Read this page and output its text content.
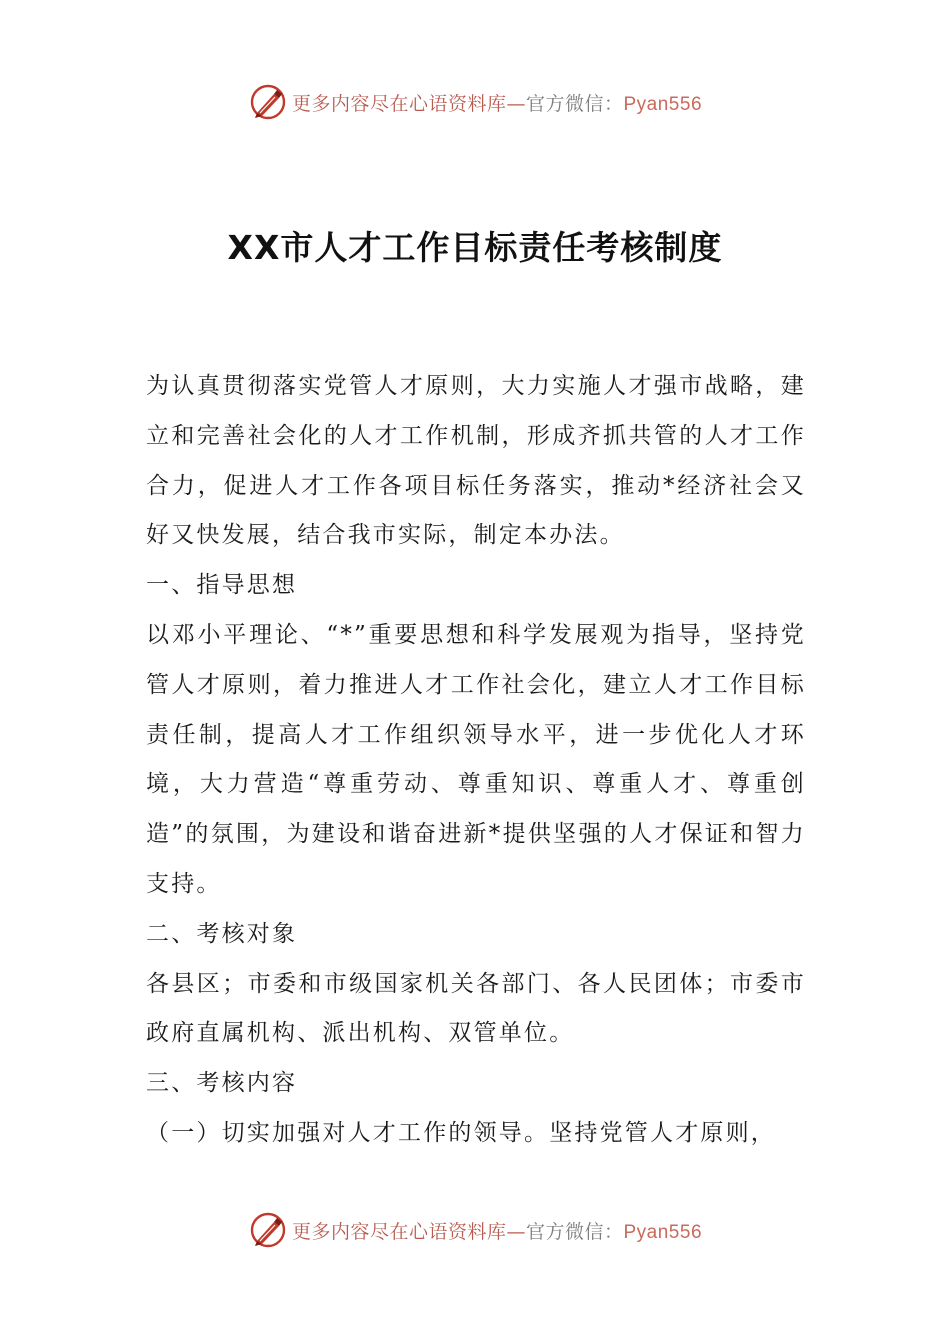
更多内容尽在心语资料库—官方微信：Pyan556
XX市人才工作目标责任考核制度

为认真贯彻落实党管人才原则，大力实施人才强市战略，建立和完善社会化的人才工作机制，形成齐抓共管的人才工作合力，促进人才工作各项目标任务落实，推动*经济社会又好又快发展，结合我市实际，制定本办法。

一、指导思想

以邓小平理论、“*”重要思想和科学发展观为指导，坚持党管人才原则，着力推进人才工作社会化，建立人才工作目标责任制，提高人才工作组织领导水平，进一步优化人才环境，大力营造“尊重劳动、尊重知识、尊重人才、尊重创造”的氛围，为建设和谐奋进新*提供坚强的人才保证和智力支持。

二、考核对象

各县区；市委和市级国家机关各部门、各人民团体；市委市政府直属机构、派出机构、双管单位。

三、考核内容

（一）切实加强对人才工作的领导。坚持党管人才原则，

更多内容尽在心语资料库—官方微信：Pyan556
